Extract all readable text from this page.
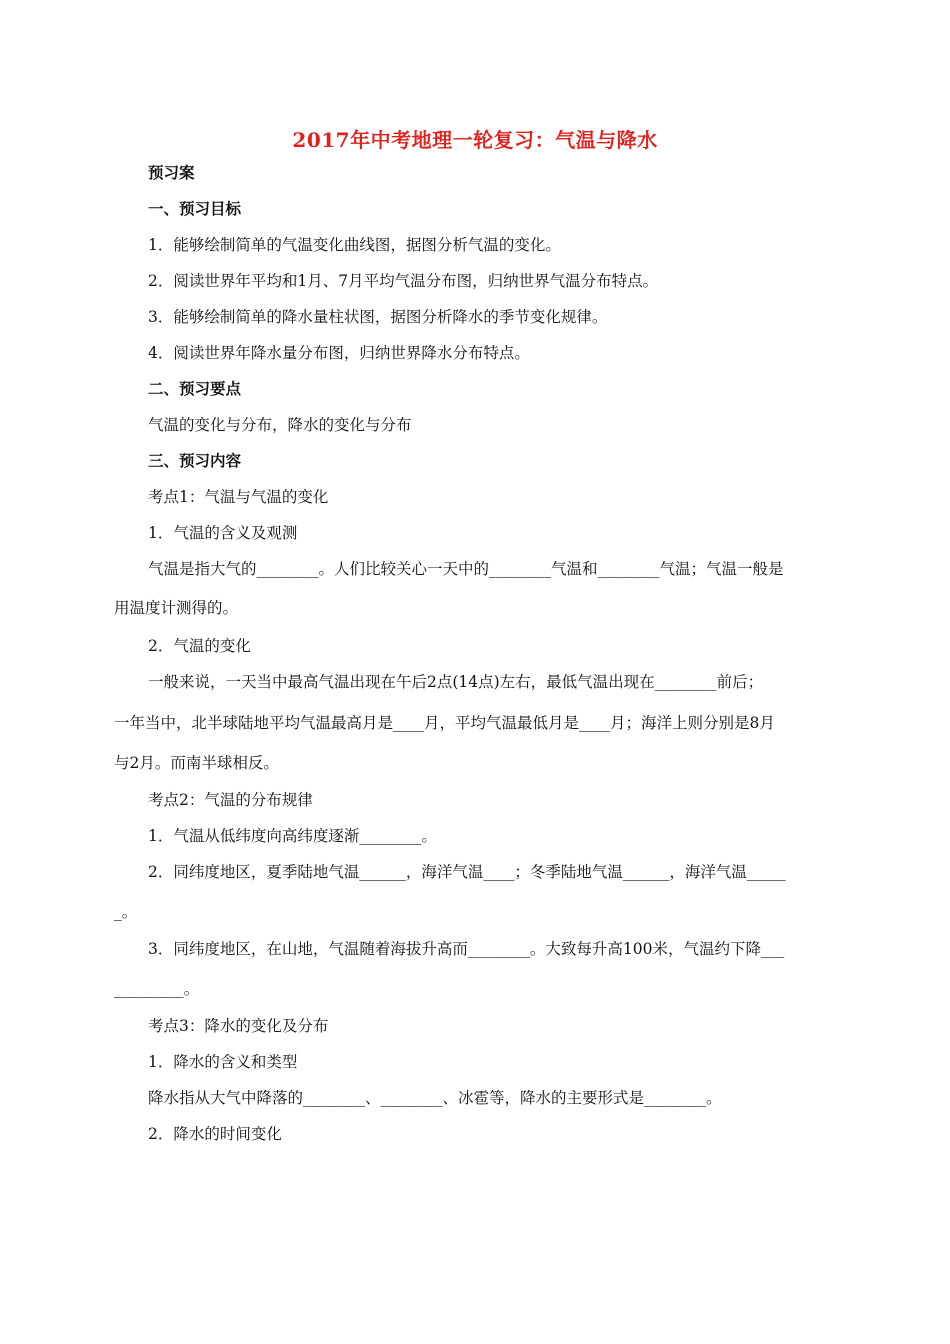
2017年中考地理一轮复习：气温与降水
预习案
一、预习目标
1．能够绘制简单的气温变化曲线图，据图分析气温的变化。
2．阅读世界年平均和1月、7月平均气温分布图，归纳世界气温分布特点。
3．能够绘制简单的降水量柱状图，据图分析降水的季节变化规律。
4．阅读世界年降水量分布图，归纳世界降水分布特点。
二、预习要点
气温的变化与分布，降水的变化与分布
三、预习内容
考点1：气温与气温的变化
1．气温的含义及观测
气温是指大气的________。人们比较关心一天中的________气温和________气温；气温一般是
用温度计测得的。
2．气温的变化
一般来说，一天当中最高气温出现在午后2点(14点)左右，最低气温出现在________前后；
一年当中，北半球陆地平均气温最高月是____月，平均气温最低月是____月；海洋上则分别是8月
与2月。而南半球相反。
考点2：气温的分布规律
1．气温从低纬度向高纬度逐渐________。
2．同纬度地区，夏季陆地气温______，海洋气温____；冬季陆地气温______，海洋气温_____
_。
3．同纬度地区，在山地，气温随着海拔升高而________。大致每升高100米，气温约下降___
_________。
考点3：降水的变化及分布
1．降水的含义和类型
降水指从大气中降落的________、________、冰雹等，降水的主要形式是________。
2．降水的时间变化
